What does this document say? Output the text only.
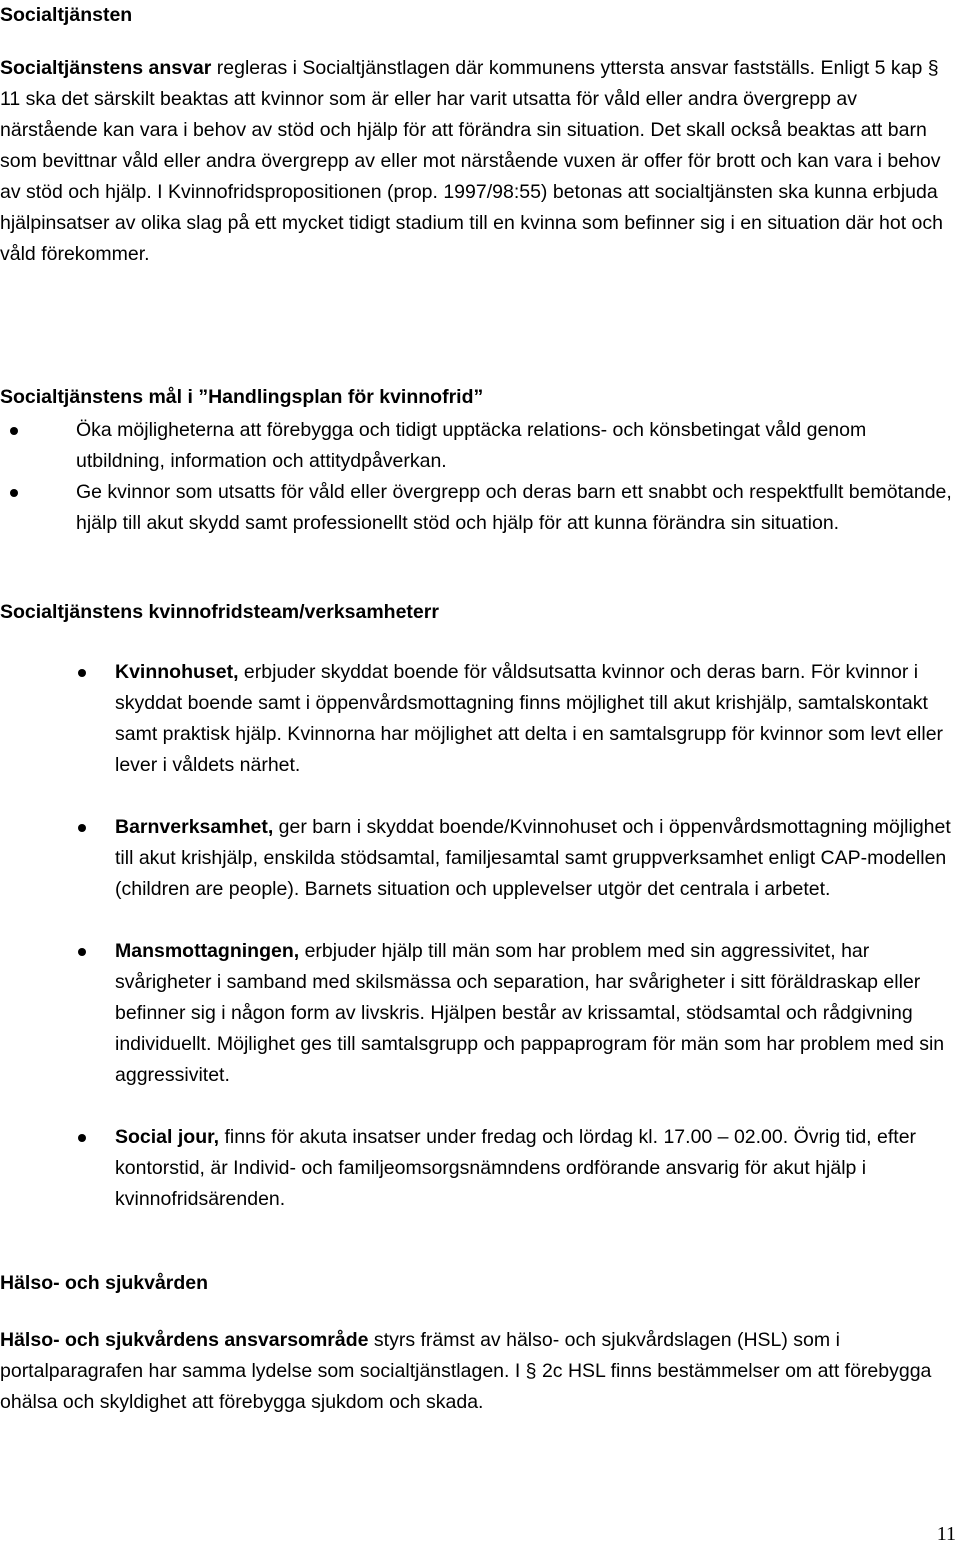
Socialtjänsten

Socialtjänstens ansvar regleras i Socialtjänstlagen där kommunens yttersta ansvar fastställs. Enligt 5 kap § 11 ska det särskilt beaktas att kvinnor som är eller har varit utsatta för våld eller andra övergrepp av närstående kan vara i behov av stöd och hjälp för att förändra sin situation. Det skall också beaktas att barn som bevittnar våld eller andra övergrepp av eller mot närstående vuxen är offer för brott och kan vara i behov av stöd och hjälp. I Kvinnofridspropositionen (prop. 1997/98:55) betonas att socialtjänsten ska kunna erbjuda hjälpinsatser av olika slag på ett mycket tidigt stadium till en kvinna som befinner sig i en situation där hot och våld förekommer.

Socialtjänstens mål i ”Handlingsplan för kvinnofrid”

Öka möjligheterna att förebygga och tidigt upptäcka relations- och könsbetingat våld genom utbildning, information och attitydpåverkan.
Ge kvinnor som utsatts för våld eller övergrepp och deras barn ett snabbt och respektfullt bemötande, hjälp till akut skydd samt professionellt stöd och hjälp för att kunna förändra sin situation.

Socialtjänstens kvinnofridsteam/verksamheterr

Kvinnohuset, erbjuder skyddat boende för våldsutsatta kvinnor och deras barn. För kvinnor i skyddat boende samt i öppenvårdsmottagning finns möjlighet till akut krishjälp, samtalskontakt samt praktisk hjälp. Kvinnorna har möjlighet att delta i en samtalsgrupp för kvinnor som levt eller lever i våldets närhet.
Barnverksamhet, ger barn i skyddat boende/Kvinnohuset och i öppenvårdsmottagning möjlighet till akut krishjälp, enskilda stödsamtal, familjesamtal samt gruppverksamhet enligt CAP-modellen (children are people). Barnets situation och upplevelser utgör det centrala i arbetet.
Mansmottagningen, erbjuder hjälp till män som har problem med sin aggressivitet, har svårigheter i samband med skilsmässa och separation, har svårigheter i sitt föräldraskap eller befinner sig i någon form av livskris. Hjälpen består av krissamtal, stödsamtal och rådgivning individuellt. Möjlighet ges till samtalsgrupp och pappaprogram för män som har problem med sin aggressivitet.
Social jour, finns för akuta insatser under fredag och lördag kl. 17.00 – 02.00. Övrig tid, efter kontorstid, är Individ- och familjeomsorgsnämndens ordförande ansvarig för akut hjälp i kvinnofridsärenden.

Hälso- och sjukvården

Hälso- och sjukvårdens ansvarsområde styrs främst av hälso- och sjukvårdslagen (HSL) som i portalparagrafen har samma lydelse som socialtjänstlagen. I § 2c HSL finns bestämmelser om att förebygga ohälsa och skyldighet att förebygga sjukdom och skada.

11
